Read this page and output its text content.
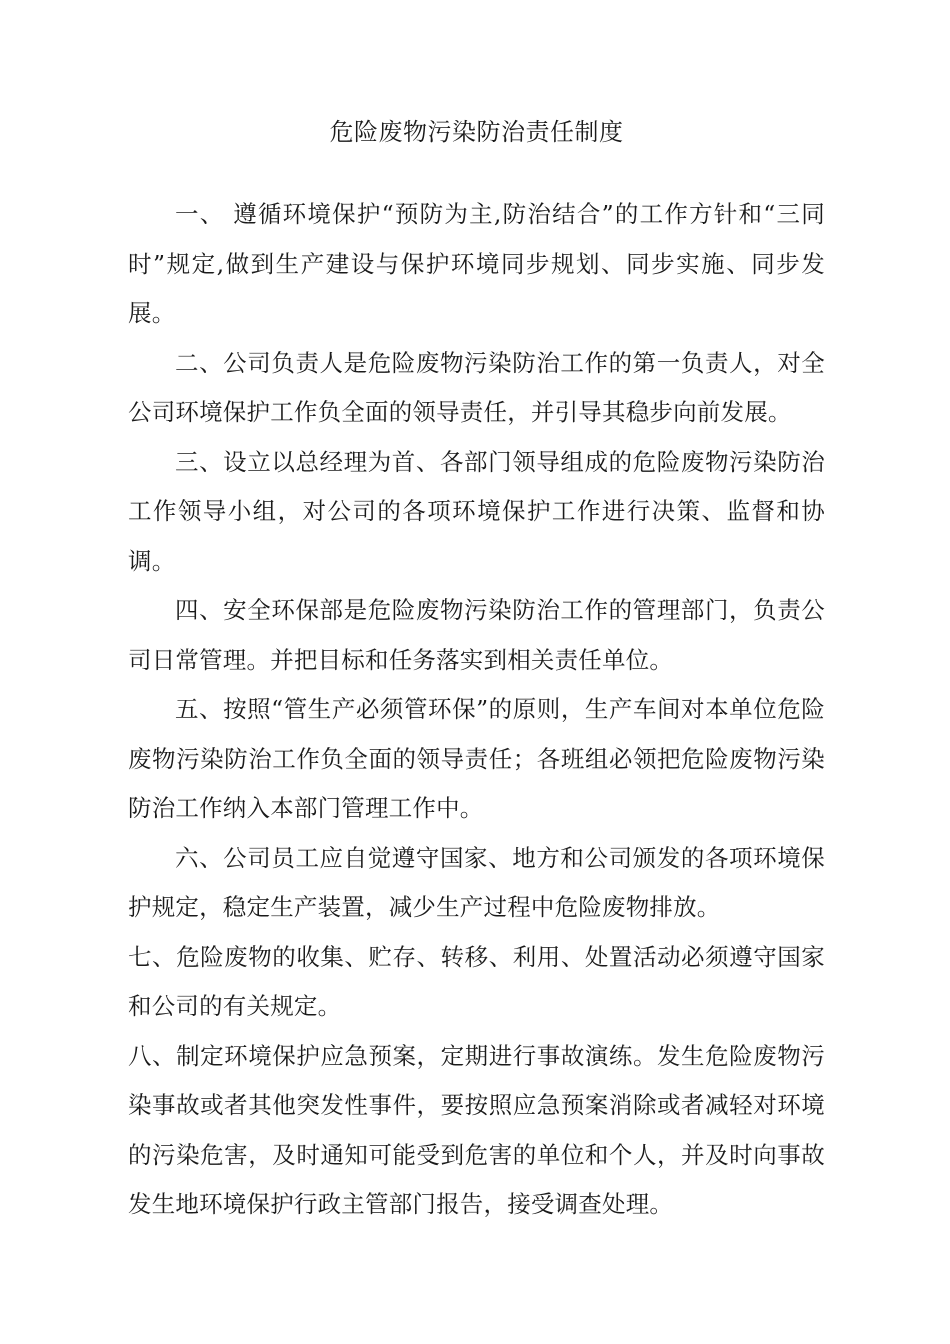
危险废物污染防治责任制度

一、 遵循环境保护“预防为主,防治结合”的工作方针和“三同时”规定,做到生产建设与保护环境同步规划、同步实施、同步发展。

二、公司负责人是危险废物污染防治工作的第一负责人，对全公司环境保护工作负全面的领导责任，并引导其稳步向前发展。

三、设立以总经理为首、各部门领导组成的危险废物污染防治工作领导小组，对公司的各项环境保护工作进行决策、监督和协调。

四、安全环保部是危险废物污染防治工作的管理部门，负责公司日常管理。并把目标和任务落实到相关责任单位。

五、按照“管生产必须管环保”的原则，生产车间对本单位危险废物污染防治工作负全面的领导责任；各班组必领把危险废物污染防治工作纳入本部门管理工作中。

六、公司员工应自觉遵守国家、地方和公司颁发的各项环境保护规定，稳定生产装置，减少生产过程中危险废物排放。

七、危险废物的收集、贮存、转移、利用、处置活动必须遵守国家和公司的有关规定。

八、制定环境保护应急预案，定期进行事故演练。发生危险废物污染事故或者其他突发性事件，要按照应急预案消除或者减轻对环境的污染危害，及时通知可能受到危害的单位和个人，并及时向事故发生地环境保护行政主管部门报告，接受调查处理。
